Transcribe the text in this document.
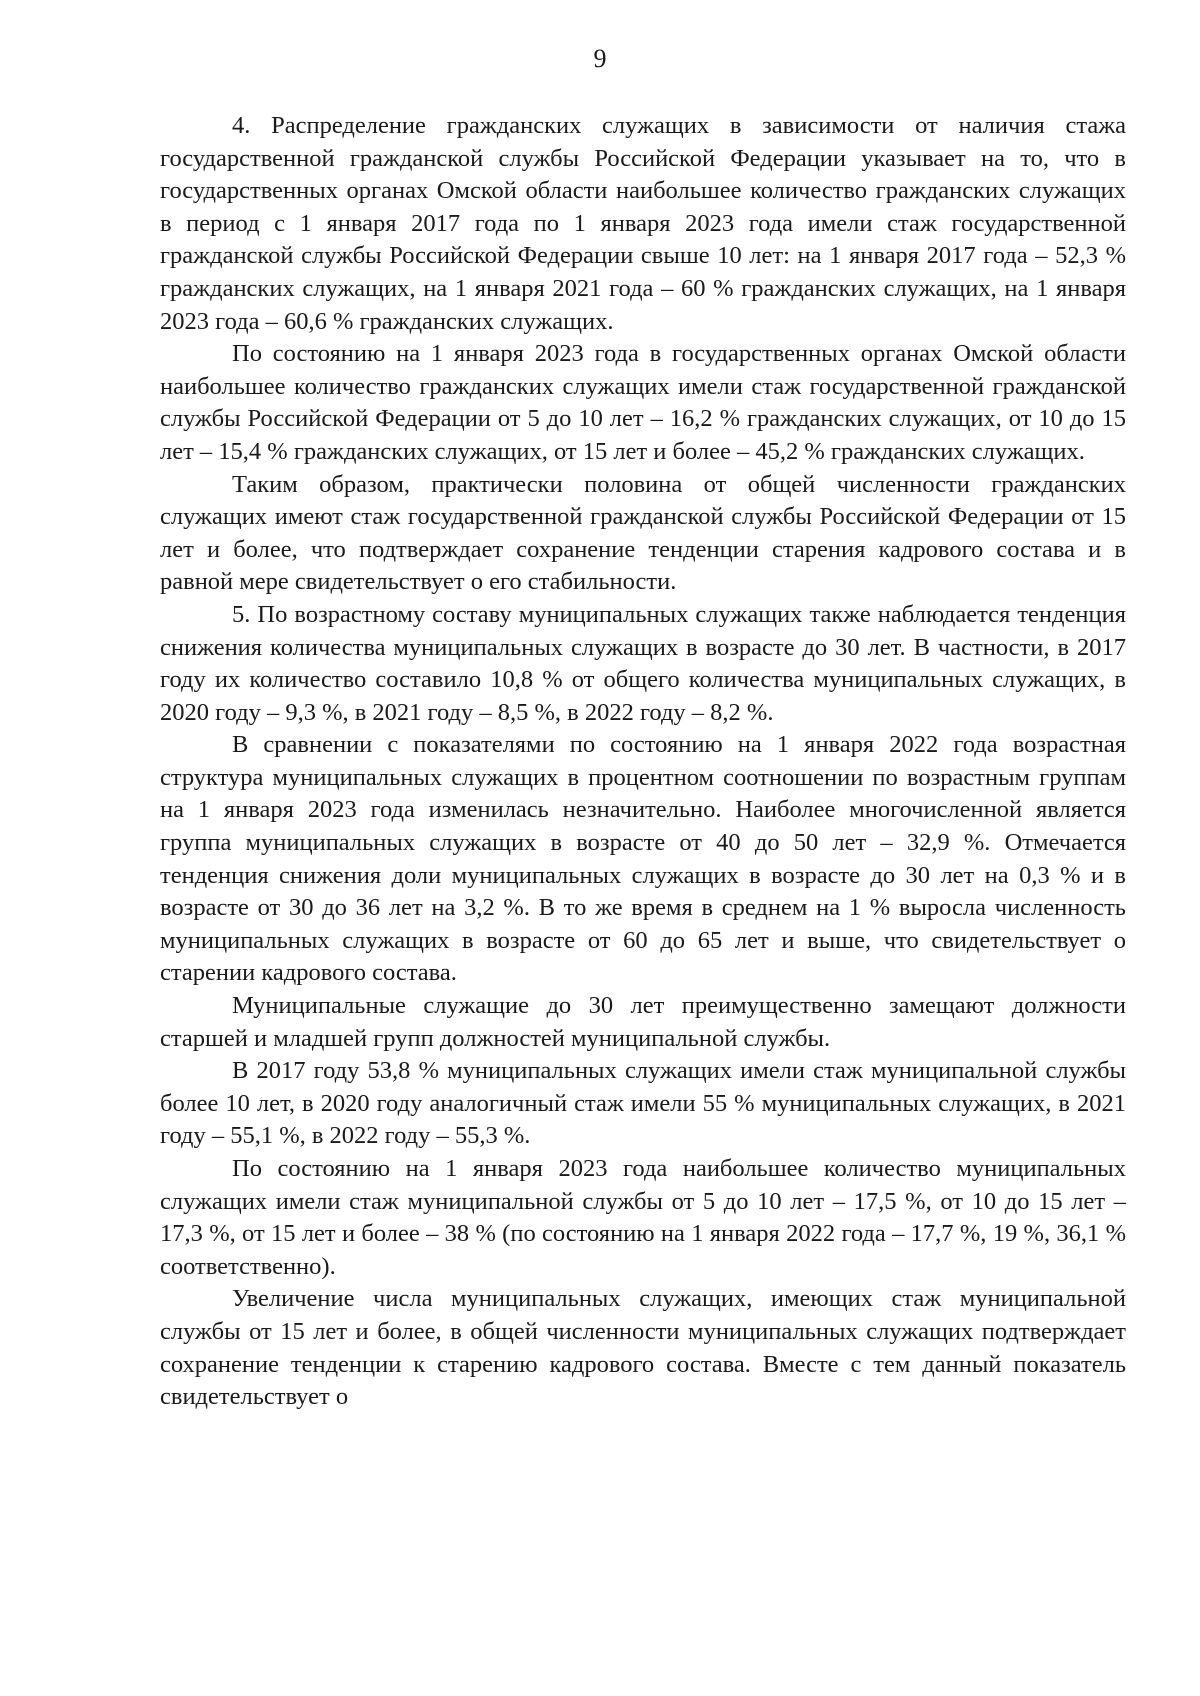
9

4. Распределение гражданских служащих в зависимости от наличия стажа государственной гражданской службы Российской Федерации указывает на то, что в государственных органах Омской области наибольшее количество гражданских служащих в период с 1 января 2017 года по 1 января 2023 года имели стаж государственной гражданской службы Российской Федерации свыше 10 лет: на 1 января 2017 года – 52,3 % гражданских служащих, на 1 января 2021 года – 60 % гражданских служащих, на 1 января 2023 года – 60,6 % гражданских служащих.

По состоянию на 1 января 2023 года в государственных органах Омской области наибольшее количество гражданских служащих имели стаж государственной гражданской службы Российской Федерации от 5 до 10 лет – 16,2 % гражданских служащих, от 10 до 15 лет – 15,4 % гражданских служащих, от 15 лет и более – 45,2 % гражданских служащих.

Таким образом, практически половина от общей численности гражданских служащих имеют стаж государственной гражданской службы Российской Федерации от 15 лет и более, что подтверждает сохранение тенденции старения кадрового состава и в равной мере свидетельствует о его стабильности.

5. По возрастному составу муниципальных служащих также наблюдается тенденция снижения количества муниципальных служащих в возрасте до 30 лет. В частности, в 2017 году их количество составило 10,8 % от общего количества муниципальных служащих, в 2020 году – 9,3 %, в 2021 году – 8,5 %, в 2022 году – 8,2 %.

В сравнении с показателями по состоянию на 1 января 2022 года возрастная структура муниципальных служащих в процентном соотношении по возрастным группам на 1 января 2023 года изменилась незначительно. Наиболее многочисленной является группа муниципальных служащих в возрасте от 40 до 50 лет – 32,9 %. Отмечается тенденция снижения доли муниципальных служащих в возрасте до 30 лет на 0,3 % и в возрасте от 30 до 36 лет на 3,2 %. В то же время в среднем на 1 % выросла численность муниципальных служащих в возрасте от 60 до 65 лет и выше, что свидетельствует о старении кадрового состава.

Муниципальные служащие до 30 лет преимущественно замещают должности старшей и младшей групп должностей муниципальной службы.

В 2017 году 53,8 % муниципальных служащих имели стаж муниципальной службы более 10 лет, в 2020 году аналогичный стаж имели 55 % муниципальных служащих, в 2021 году – 55,1 %, в 2022 году – 55,3 %.

По состоянию на 1 января 2023 года наибольшее количество муниципальных служащих имели стаж муниципальной службы от 5 до 10 лет – 17,5 %, от 10 до 15 лет – 17,3 %, от 15 лет и более – 38 % (по состоянию на 1 января 2022 года – 17,7 %, 19 %, 36,1 % соответственно).

Увеличение числа муниципальных служащих, имеющих стаж муниципальной службы от 15 лет и более, в общей численности муниципальных служащих подтверждает сохранение тенденции к старению кадрового состава. Вместе с тем данный показатель свидетельствует о
